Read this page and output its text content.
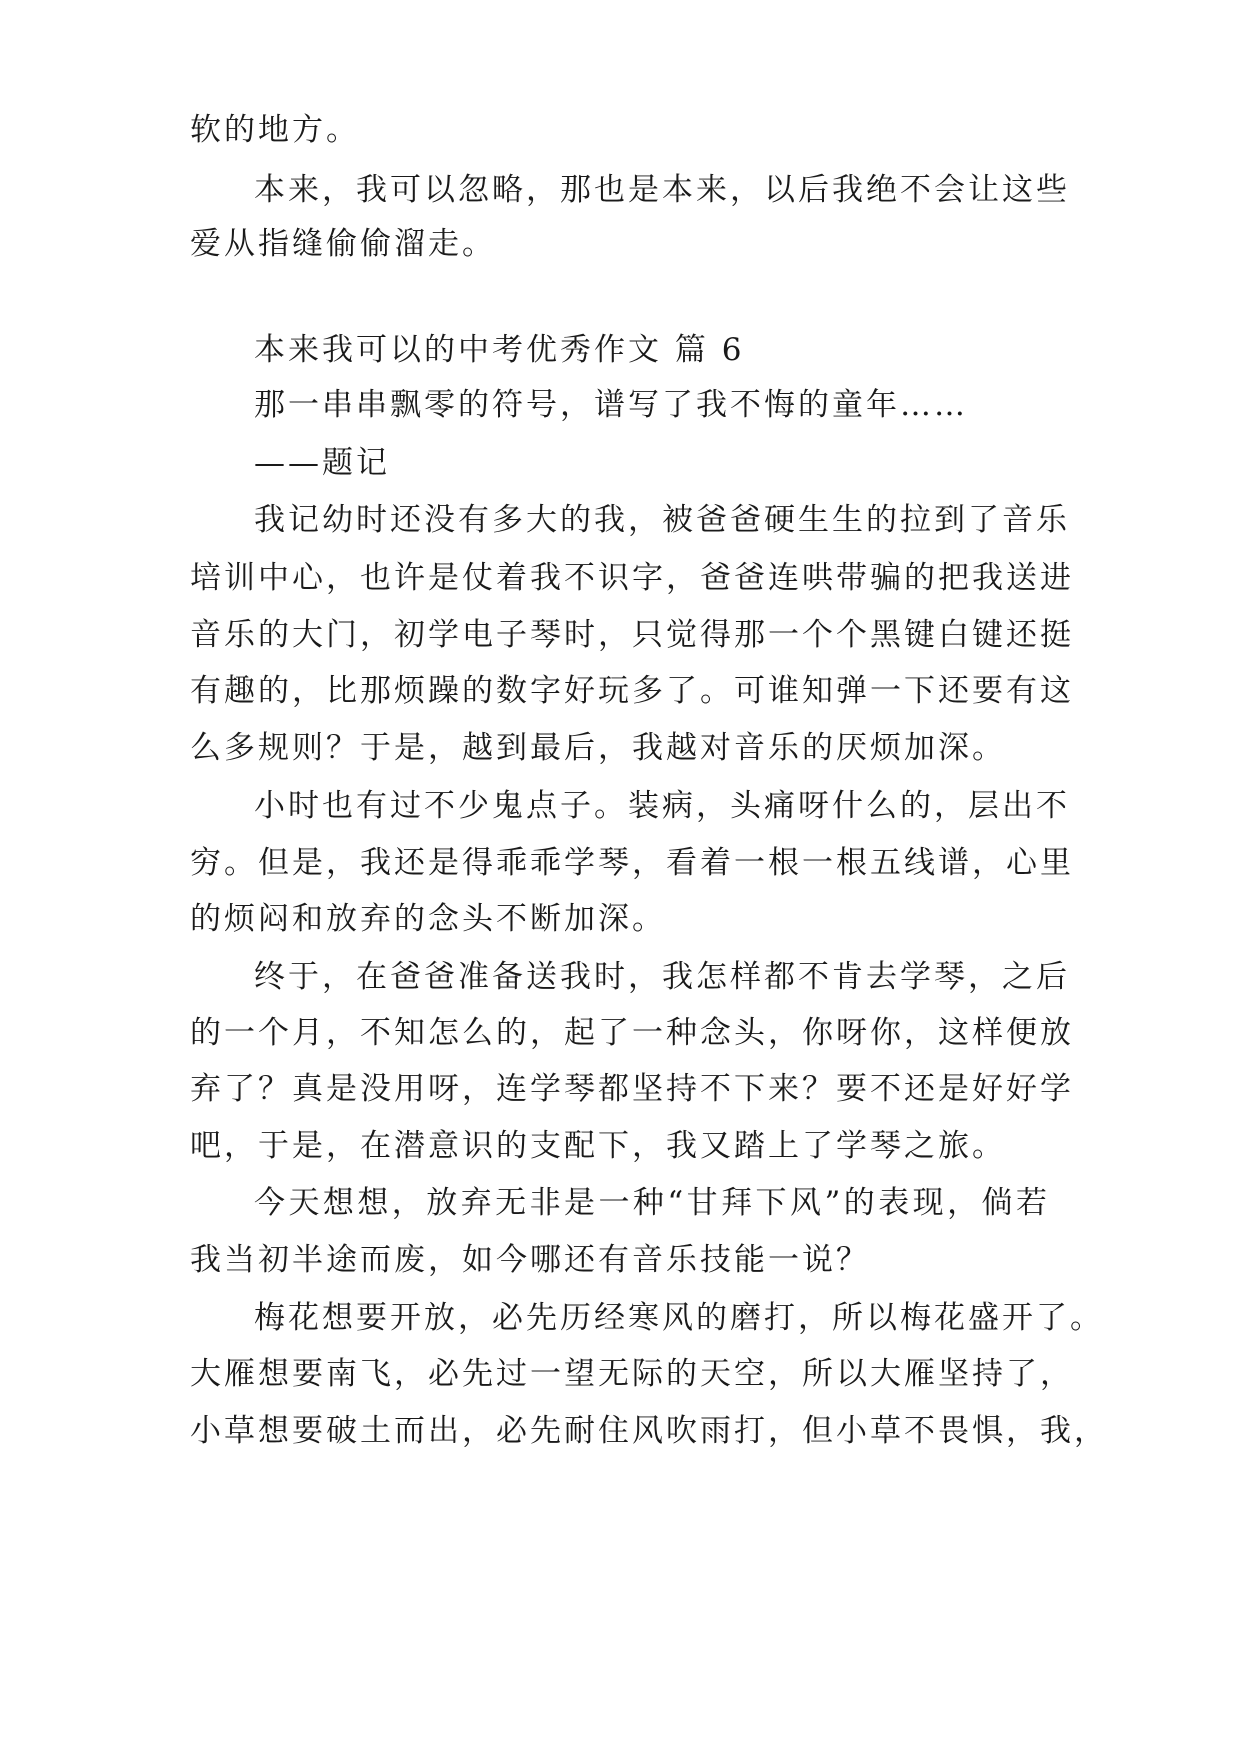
软的地方。
本来，我可以忽略，那也是本来，以后我绝不会让这些
爱从指缝偷偷溜走。
本来我可以的中考优秀作文 篇 6
那一串串飘零的符号，谱写了我不悔的童年……
——题记
我记幼时还没有多大的我，被爸爸硬生生的拉到了音乐
培训中心，也许是仗着我不识字，爸爸连哄带骗的把我送进
音乐的大门，初学电子琴时，只觉得那一个个黑键白键还挺
有趣的，比那烦躁的数字好玩多了。可谁知弹一下还要有这
么多规则？于是，越到最后，我越对音乐的厌烦加深。
小时也有过不少鬼点子。装病，头痛呀什么的，层出不
穷。但是，我还是得乖乖学琴，看着一根一根五线谱，心里
的烦闷和放弃的念头不断加深。
终于，在爸爸准备送我时，我怎样都不肯去学琴，之后
的一个月，不知怎么的，起了一种念头，你呀你，这样便放
弃了？真是没用呀，连学琴都坚持不下来？要不还是好好学
吧，于是，在潜意识的支配下，我又踏上了学琴之旅。
今天想想，放弃无非是一种“甘拜下风”的表现，倘若
我当初半途而废，如今哪还有音乐技能一说？
梅花想要开放，必先历经寒风的磨打，所以梅花盛开了。
大雁想要南飞，必先过一望无际的天空，所以大雁坚持了，
小草想要破土而出，必先耐住风吹雨打，但小草不畏惧，我，
